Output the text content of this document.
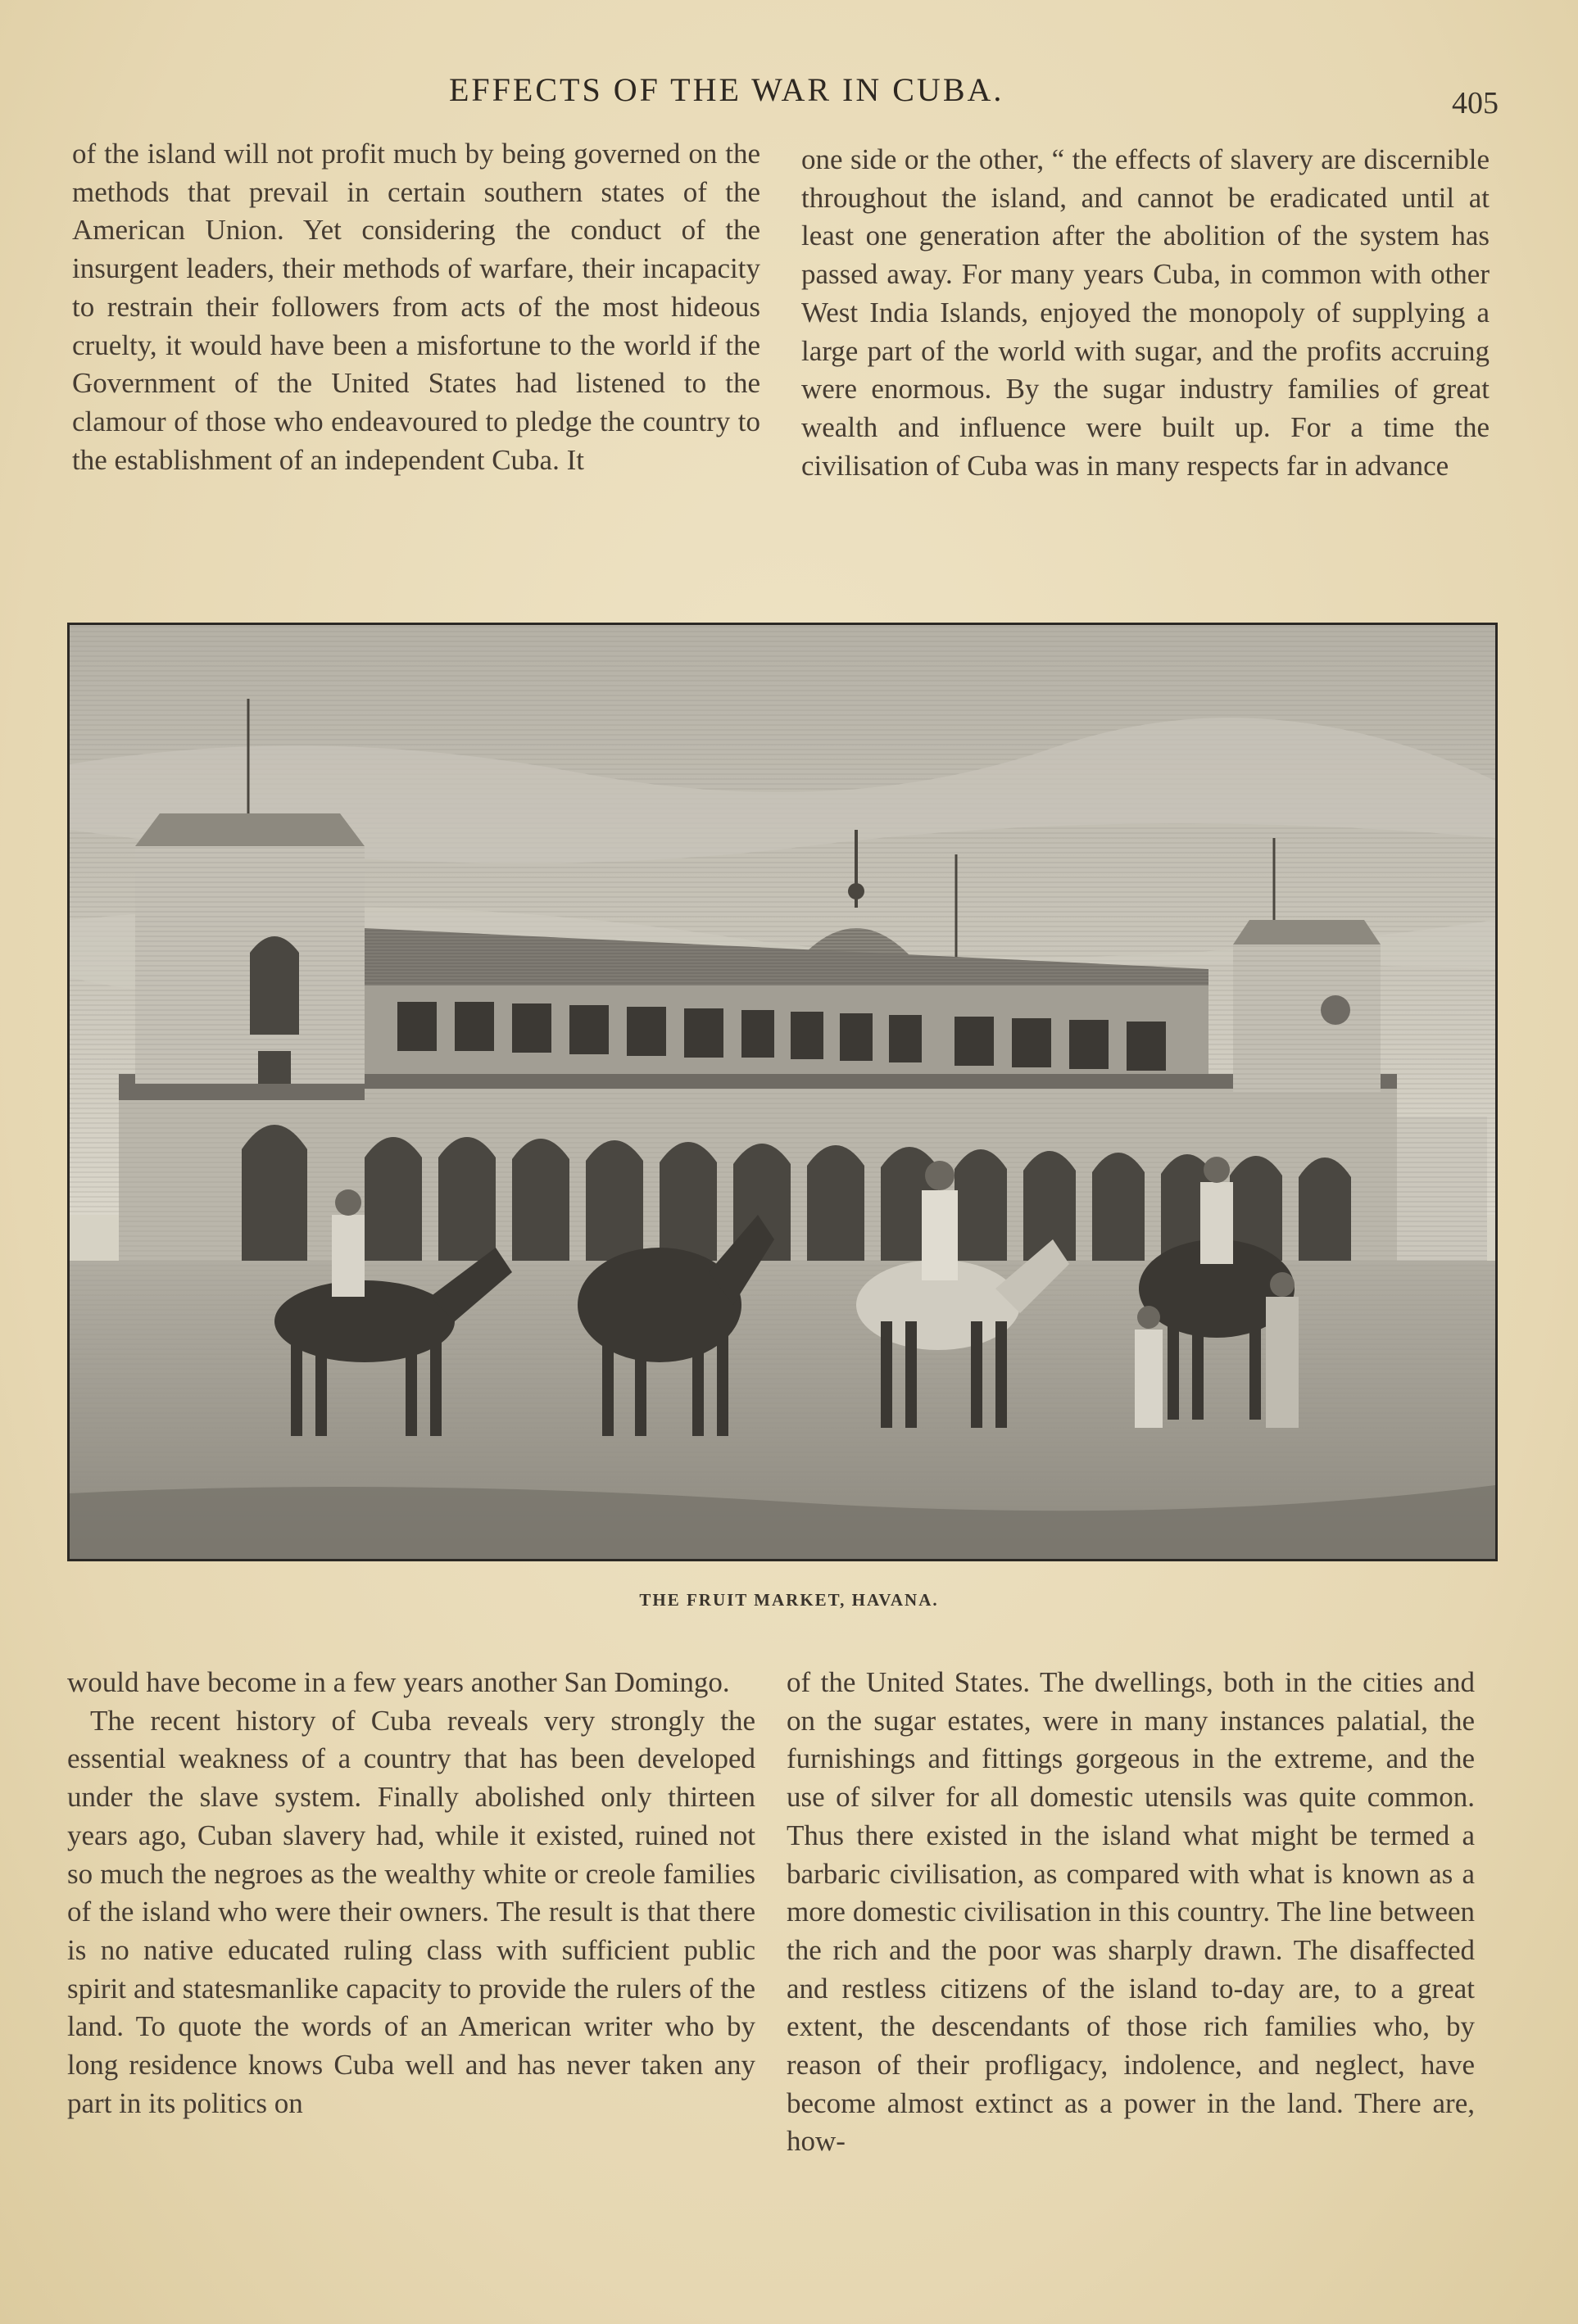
EFFECTS OF THE WAR IN CUBA.	405

of the island will not profit much by being governed on the methods that prevail in certain southern states of the American Union. Yet considering the conduct of the insurgent leaders, their methods of warfare, their incapacity to restrain their followers from acts of the most hideous cruelty, it would have been a misfortune to the world if the Government of the United States had listened to the clamour of those who endeavoured to pledge the country to the establishment of an independent Cuba. It

one side or the other, “ the effects of slavery are discernible throughout the island, and cannot be eradicated until at least one generation after the abolition of the system has passed away. For many years Cuba, in common with other West India Islands, enjoyed the monopoly of supplying a large part of the world with sugar, and the profits accruing were enormous. By the sugar industry families of great wealth and influence were built up. For a time the civilisation of Cuba was in many respects far in advance

THE FRUIT MARKET, HAVANA.

would have become in a few years another San Domingo.

The recent history of Cuba reveals very strongly the essential weakness of a country that has been developed under the slave system. Finally abolished only thirteen years ago, Cuban slavery had, while it existed, ruined not so much the negroes as the wealthy white or creole families of the island who were their owners. The result is that there is no native educated ruling class with sufficient public spirit and statesmanlike capacity to provide the rulers of the land. To quote the words of an American writer who by long residence knows Cuba well and has never taken any part in its politics on

of the United States. The dwellings, both in the cities and on the sugar estates, were in many instances palatial, the furnishings and fittings gorgeous in the extreme, and the use of silver for all domestic utensils was quite common. Thus there existed in the island what might be termed a barbaric civilisation, as compared with what is known as a more domestic civilisation in this country. The line between the rich and the poor was sharply drawn. The disaffected and restless citizens of the island to-day are, to a great extent, the descendants of those rich families who, by reason of their profligacy, indolence, and neglect, have become almost extinct as a power in the land. There are, how-
